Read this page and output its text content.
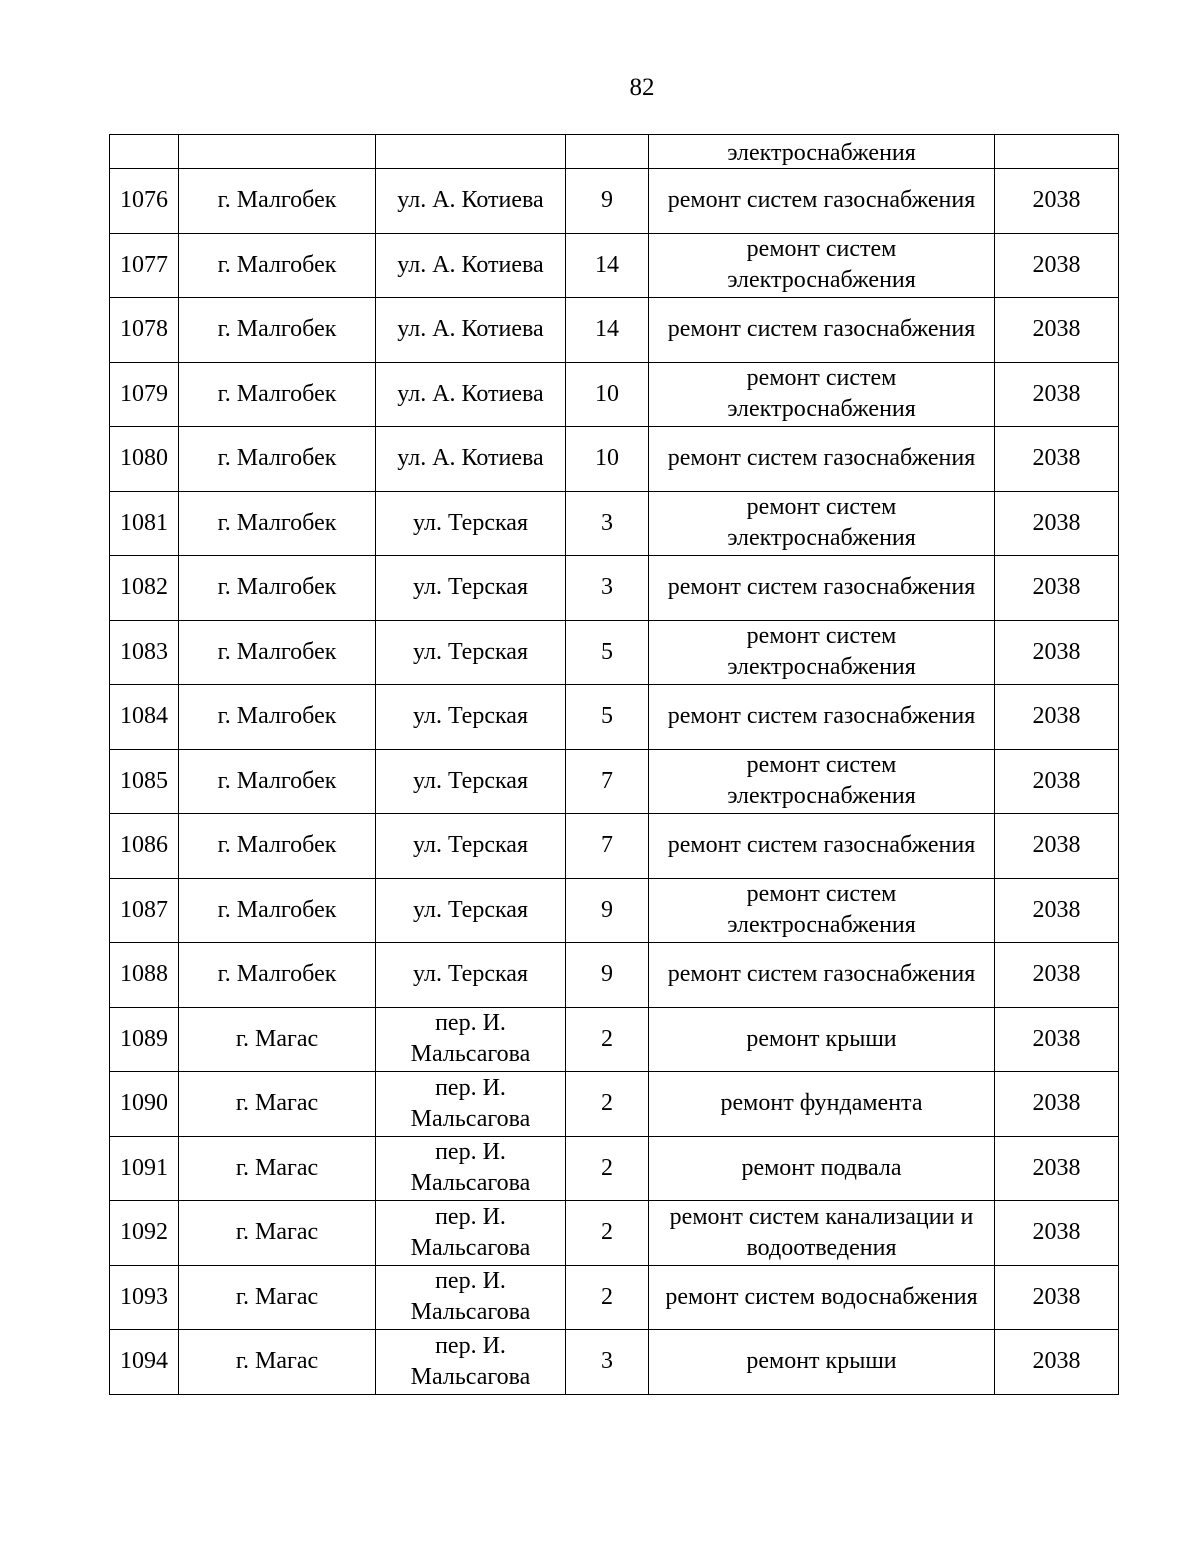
82
				электроснабжения	
1076	г. Малгобек	ул. А. Котиева	9	ремонт систем газоснабжения	2038
1077	г. Малгобек	ул. А. Котиева	14	ремонт систем электроснабжения	2038
1078	г. Малгобек	ул. А. Котиева	14	ремонт систем газоснабжения	2038
1079	г. Малгобек	ул. А. Котиева	10	ремонт систем электроснабжения	2038
1080	г. Малгобек	ул. А. Котиева	10	ремонт систем газоснабжения	2038
1081	г. Малгобек	ул. Терская	3	ремонт систем электроснабжения	2038
1082	г. Малгобек	ул. Терская	3	ремонт систем газоснабжения	2038
1083	г. Малгобек	ул. Терская	5	ремонт систем электроснабжения	2038
1084	г. Малгобек	ул. Терская	5	ремонт систем газоснабжения	2038
1085	г. Малгобек	ул. Терская	7	ремонт систем электроснабжения	2038
1086	г. Малгобек	ул. Терская	7	ремонт систем газоснабжения	2038
1087	г. Малгобек	ул. Терская	9	ремонт систем электроснабжения	2038
1088	г. Малгобек	ул. Терская	9	ремонт систем газоснабжения	2038
1089	г. Магас	пер. И. Мальсагова	2	ремонт крыши	2038
1090	г. Магас	пер. И. Мальсагова	2	ремонт фундамента	2038
1091	г. Магас	пер. И. Мальсагова	2	ремонт подвала	2038
1092	г. Магас	пер. И. Мальсагова	2	ремонт систем канализации и водоотведения	2038
1093	г. Магас	пер. И. Мальсагова	2	ремонт систем водоснабжения	2038
1094	г. Магас	пер. И. Мальсагова	3	ремонт крыши	2038
